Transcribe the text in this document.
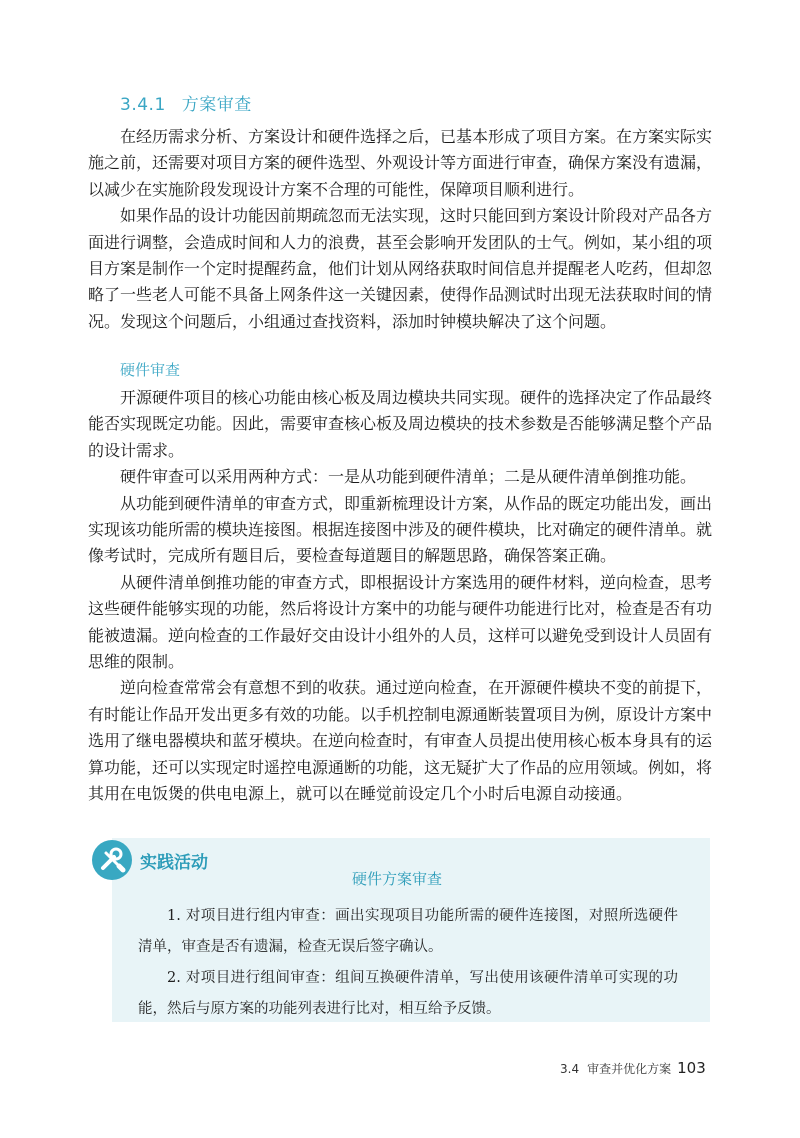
3.4.1 方案审查

在经历需求分析、方案设计和硬件选择之后，已基本形成了项目方案。在方案实际实施之前，还需要对项目方案的硬件选型、外观设计等方面进行审查，确保方案没有遗漏，以减少在实施阶段发现设计方案不合理的可能性，保障项目顺利进行。

如果作品的设计功能因前期疏忽而无法实现，这时只能回到方案设计阶段对产品各方面进行调整，会造成时间和人力的浪费，甚至会影响开发团队的士气。例如，某小组的项目方案是制作一个定时提醒药盒，他们计划从网络获取时间信息并提醒老人吃药，但却忽略了一些老人可能不具备上网条件这一关键因素，使得作品测试时出现无法获取时间的情况。发现这个问题后，小组通过查找资料，添加时钟模块解决了这个问题。

硬件审查

开源硬件项目的核心功能由核心板及周边模块共同实现。硬件的选择决定了作品最终能否实现既定功能。因此，需要审查核心板及周边模块的技术参数是否能够满足整个产品的设计需求。

硬件审查可以采用两种方式：一是从功能到硬件清单；二是从硬件清单倒推功能。

从功能到硬件清单的审查方式，即重新梳理设计方案，从作品的既定功能出发，画出实现该功能所需的模块连接图。根据连接图中涉及的硬件模块，比对确定的硬件清单。就像考试时，完成所有题目后，要检查每道题目的解题思路，确保答案正确。

从硬件清单倒推功能的审查方式，即根据设计方案选用的硬件材料，逆向检查，思考这些硬件能够实现的功能，然后将设计方案中的功能与硬件功能进行比对，检查是否有功能被遗漏。逆向检查的工作最好交由设计小组外的人员，这样可以避免受到设计人员固有思维的限制。

逆向检查常常会有意想不到的收获。通过逆向检查，在开源硬件模块不变的前提下，有时能让作品开发出更多有效的功能。以手机控制电源通断装置项目为例，原设计方案中选用了继电器模块和蓝牙模块。在逆向检查时，有审查人员提出使用核心板本身具有的运算功能，还可以实现定时遥控电源通断的功能，这无疑扩大了作品的应用领域。例如，将其用在电饭煲的供电电源上，就可以在睡觉前设定几个小时后电源自动接通。

实践活动
硬件方案审查

1. 对项目进行组内审查：画出实现项目功能所需的硬件连接图，对照所选硬件清单，审查是否有遗漏，检查无误后签字确认。

2. 对项目进行组间审查：组间互换硬件清单，写出使用该硬件清单可实现的功能，然后与原方案的功能列表进行比对，相互给予反馈。

3.4 审查并优化方案 103
